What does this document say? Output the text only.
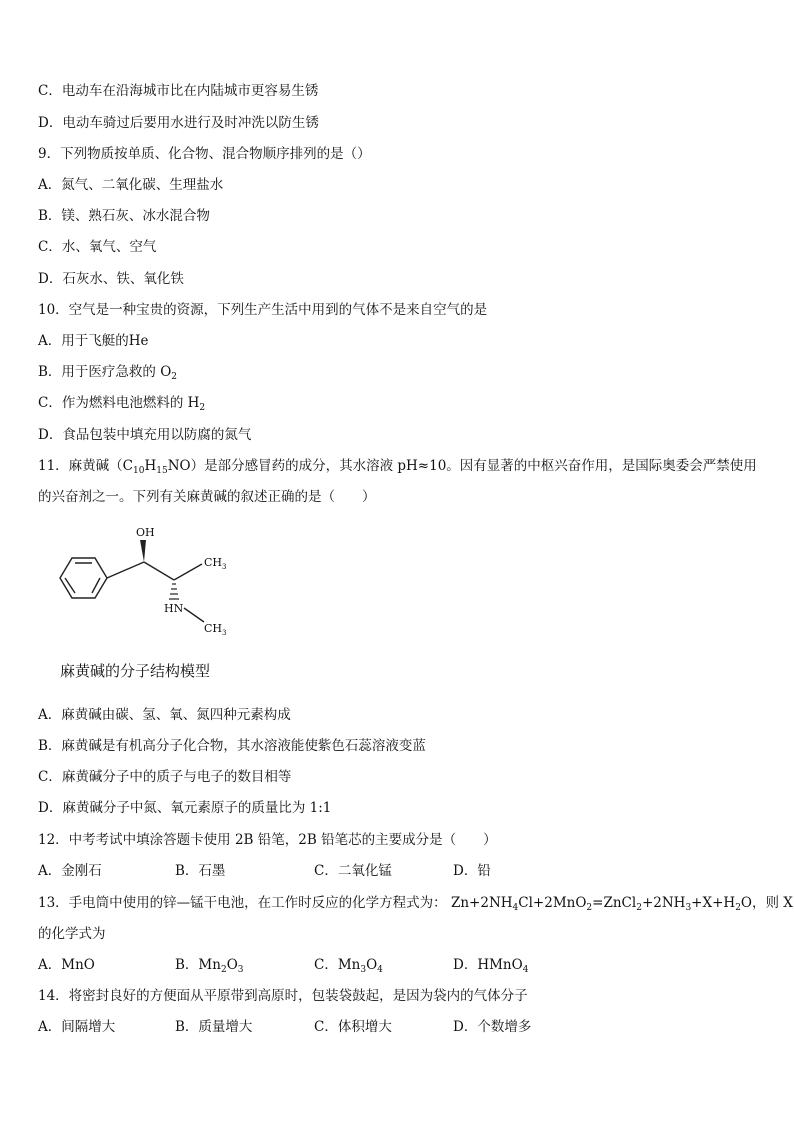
C．电动车在沿海城市比在内陆城市更容易生锈

D．电动车骑过后要用水进行及时冲洗以防生锈

9．下列物质按单质、化合物、混合物顺序排列的是（）

A．氮气、二氧化碳、生理盐水

B．镁、熟石灰、冰水混合物

C．水、氧气、空气

D．石灰水、铁、氧化铁

10．空气是一种宝贵的资源，下列生产生活中用到的气体不是来自空气的是

A．用于飞艇的He

B．用于医疗急救的 $O_2$

C．作为燃料电池燃料的 $H_2$

D．食品包装中填充用以防腐的氮气

11．麻黄碱$(C_{10}H_{15}NO)$是部分感冒药的成分，其水溶液 pH≈10。因有显著的中枢兴奋作用，是国际奥委会严禁使用

的兴奋剂之一。下列有关麻黄碱的叙述正确的是（　　）

OH
$CH_3$
HN
$CH_3$
麻黄碱的分子结构模型

A．麻黄碱由碳、氢、氧、氮四种元素构成

B．麻黄碱是有机高分子化合物，其水溶液能使紫色石蕊溶液变蓝

C．麻黄碱分子中的质子与电子的数目相等

D．麻黄碱分子中氮、氧元素原子的质量比为 1:1

12．中考考试中填涂答题卡使用 2B 铅笔，2B 铅笔芯的主要成分是（　　）

A．金刚石	B．石墨	C．二氧化锰	D．铅

13．手电筒中使用的锌—锰干电池，在工作时反应的化学方程式为： $Zn+2NH_4Cl+2MnO_2=ZnCl_2+2NH_3+X+H_2O$，则 X

的化学式为

A．MnO	B．$Mn_2O_3$	C．$Mn_3O_4$	D．HMnO$_4$

14．将密封良好的方便面从平原带到高原时，包装袋鼓起，是因为袋内的气体分子

A．间隔增大	B．质量增大	C．体积增大	D．个数增多
